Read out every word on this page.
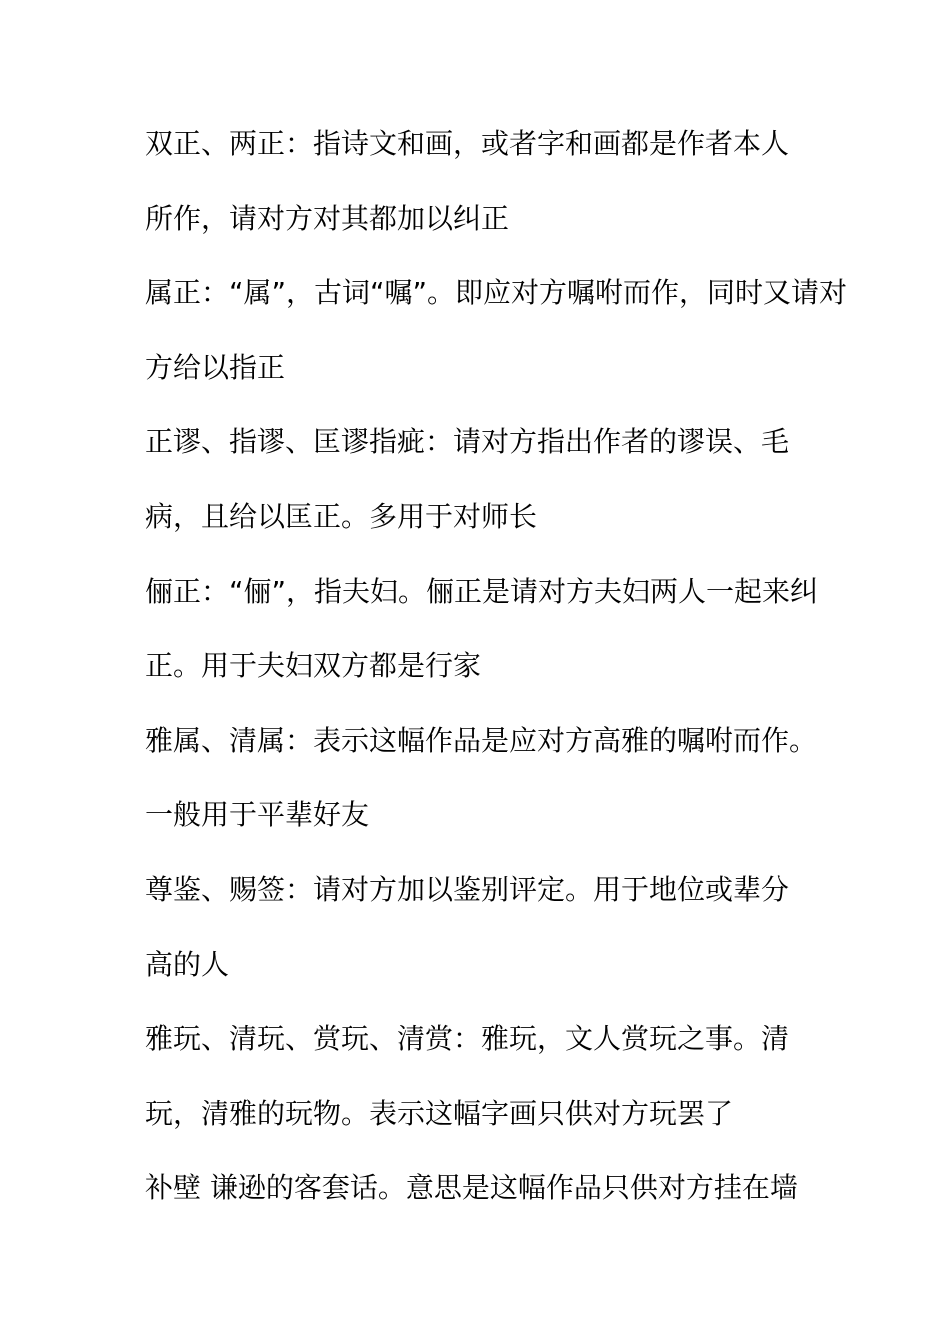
双正、两正：指诗文和画，或者字和画都是作者本人
所作，请对方对其都加以纠正
属正：“属”，古词“嘱”。即应对方嘱咐而作，同时又请对
方给以指正
正谬、指谬、匡谬指疵：请对方指出作者的谬误、毛
病，且给以匡正。多用于对师长
俪正：“俪”，指夫妇。俪正是请对方夫妇两人一起来纠
正。用于夫妇双方都是行家
雅属、清属：表示这幅作品是应对方高雅的嘱咐而作。
一般用于平辈好友
尊鉴、赐签：请对方加以鉴别评定。用于地位或辈分
高的人
雅玩、清玩、赏玩、清赏：雅玩，文人赏玩之事。清
玩，清雅的玩物。表示这幅字画只供对方玩罢了
补壁 谦逊的客套话。意思是这幅作品只供对方挂在墙
